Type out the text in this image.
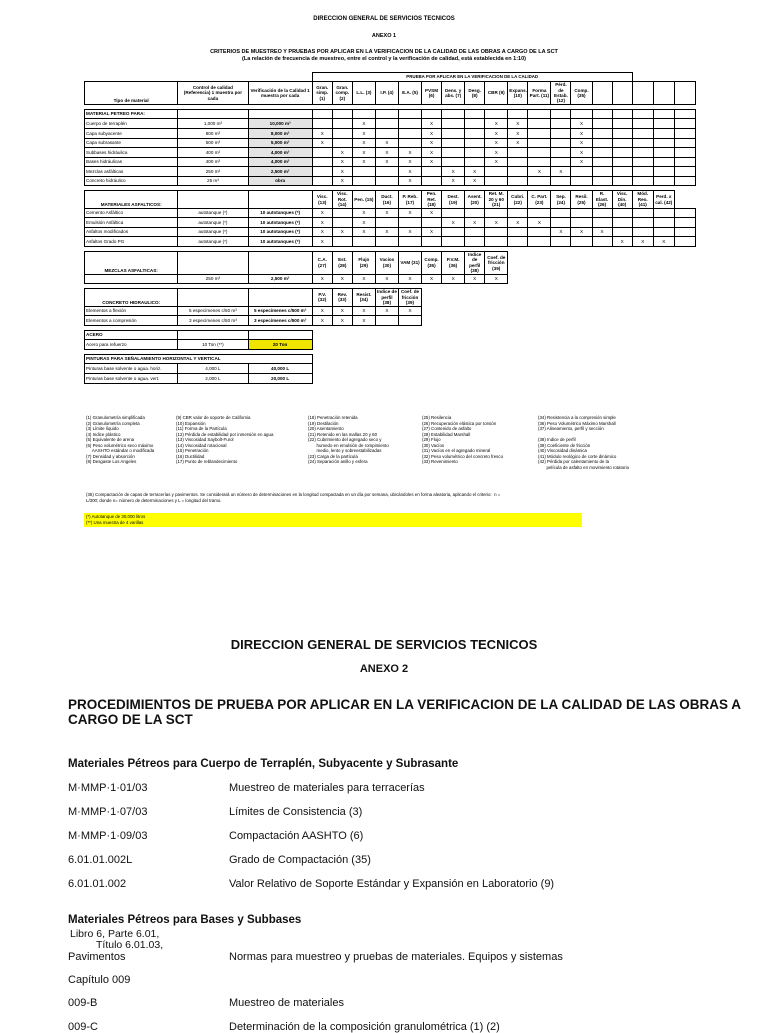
DIRECCION GENERAL DE SERVICIOS TECNICOS
ANEXO 1
CRITERIOS DE MUESTREO Y PRUEBAS POR APLICAR EN LA VERIFICACION DE LA CALIDAD DE LAS OBRAS A CARGO DE LA SCT
(La relación de frecuencia de muestreo, entre el control y la verificación de calidad, está establecida en 1:10)
			PRUEBA POR APLICAR EN LA VERIFICACION DE LA CALIDAD																	
Tipo de material	Control de calidad (Referencia) 1 muestra por cada	Verificación de la Calidad 1 muestra por cada	Gran. simp. (1)	Gran. comp. (2)	L.L. (3)	I.P. (4)	E.A. (5)	PVSM (6)	Dens. y abs. (7)	Desg. (8)	CBR (9)	Expans. (10)	Forma Part. (11)	Pérd. de Estab. (12)	Comp. (35)					

MATERIAL PETREO PARA:																				
Cuerpo de terraplén	1,000 m³	10,000 m³			X			X			X	X			X					
Capa subyacente	800 m³	8,000 m³	X		X			X			X	X			X					
Capa subrasante	500 m³	5,000 m³	X		X	X		X			X	X			X					
Subbases hidráulica	400 m³	4,000 m³		X	X	X	X	X			X				X					
Bases hidráulicas	400 m³	4,000 m³		X	X	X	X	X			X				X					
Mezclas asfálticas	250 m³	2,500 m³		X			X		X	X			X	X						
Concreto hidráulico	25 m³	obra		X			X		X	X										

MATERIALES ASFALTICOS:			Visc. (13)	Visc. Rot. (14)	Pen. (15)	Duct. (16)	P. Reb. (17)	Pen. Ret. (18)	Dest. (19)	Asent. (20)	Ret. M. 20 y 60 (21)	Cubri. (22)	C. Part. (23)	Sep. (24)	Resil. (25)	R. Elast. (26)	Visc. Din. (40)	Mód. Reo. (41)	Perd. x cal. (42)	
Cemento Asfáltico	autotanque (*)	10 autotanques (*)	X		X	X	X	X												
Emulsión Asfáltica	autotanque (*)	10 autotanques (*)	X		X				X	X	X	X	X							
Asfaltos modificados	autotanque (*)	10 autotanques (*)	X	X	X	X	X	X						X	X	X				
Asfaltos Grado PG	autotanque (*)	10 autotanques (*)	X														X	X	X	

MEZCLAS ASFALTICAS:			C.A. (27)	Est. (28)	Flujo (29)	Vacíos (30)	VAM (31)	Comp. (35)	P.V.M. (36)	Indice de perfil (38)	Coef. de fricción (39)									
	250 m³	2,500 m³	X	X	X	X	X	X	X	X	X									

CONCRETO HIDRAULICO:			P.V. (32)	Rev. (33)	Resist. (34)	Indice de perfil (38)	Coef. de fricción (39)													
Elementos a flexión	5 especímenes c/50 m³	5 especímenes c/500 m³	X	X	X	X	X													
Elementos a compresión	3 especímenes c/50 m³	3 especímenes c/500 m³	X	X	X															

ACERO																				
Acero para refuerzo	10 Ton (**)	20 Ton																		

PINTURAS PARA SEÑALAMIENTO HORIZONTAL Y VERTICAL																				
Pinturas base solvente o agua. horiz.	4,000 L	40,000 L																		
Pinturas base solvente o agua. vert.	2,000 L	20,000 L																		
(1) Granulometría simplificada
(2) Granulometría completa
(3) Límite líquido
(4) Indice plástico
(5) Equivalente de arena
(6) Peso volumétrico seco máximo
AASHTO estándar o modificada
(7) Densidad y absorción
(8) Desgaste Los Angeles
(9) CBR valor de soporte de California
(10) Expansión
(11) Forma de la Partícula
(12) Pérdida de estabilidad por inmersión en agua
(13) Viscosidad Saybolt-Furol
(14) Viscosidad rotacional
(15) Penetración
(16) Ductilidad
(17) Punto de reblandecimiento
(18) Penetración retenida
(19) Destilación
(20) Asentamiento
(21) Retenido en las mallas 20 y 60
(22) Cubrimiento del agregado seco y
humedo en emulsión de rompimiento
medio, lento y sobreestabilizadas
(23) Carga de la partícula
(24) Separación anillo y esfera
(25) Resilencia
(26) Recuperación elástica por torsión
(27) Contenido de asfalto
(28) Estabilidad Marshall
(29) Flujo
(30) Vacíos
(31) Vacíos en el agregado mineral
(32) Peso volumétrico del concreto fresco
(33) Revenimiento
(34) Resistencia a la compresión simple
(36) Peso Volumétrico Máximo Marshall
(37) Alineamiento, perfil y sección

(38) Indice de perfil
(39) Coeficiente de fricción
(40) Viscosidad dinámica
(41) Módulo reológico de corte dinámico
(42) Pérdida por calentamiento de la
película de asfalto en movimiento rotatorio
(35) Compactación de capas de terracerías y pavimentos. Se considerará un número de determinaciones en la longitud compactada en un día por semana, ubicándoles en forma aleatoria, aplicando el criterio:  n =
L/300; donde n= número de determinaciones y L = longitud del tramo.
(*) Autotanque de 30,000 litros
(**) Una muestra de 4 varillas
DIRECCION GENERAL DE SERVICIOS TECNICOS
ANEXO 2
PROCEDIMIENTOS DE PRUEBA POR APLICAR EN LA VERIFICACION DE LA CALIDAD DE LAS OBRAS A CARGO DE LA SCT
Materiales Pétreos para Cuerpo de Terraplén, Subyacente y Subrasante
M·MMP·1·01/03	Muestreo de materiales para terracerías
M·MMP·1·07/03	Límites de Consistencia (3)
M·MMP·1·09/03	Compactación AASHTO (6)
6.01.01.002L	Grado de Compactación (35)
6.01.01.002	Valor Relativo de Soporte Estándar y Expansión en Laboratorio (9)
Materiales Pétreos para Bases y Subbases
Libro 6, Parte 6.01,
Título 6.01.03,
Pavimentos	Normas para muestreo y pruebas de materiales. Equipos y sistemas
Capítulo 009
009-B	Muestreo de materiales
009-C	Determinación de la composición granulométrica (1) (2)
